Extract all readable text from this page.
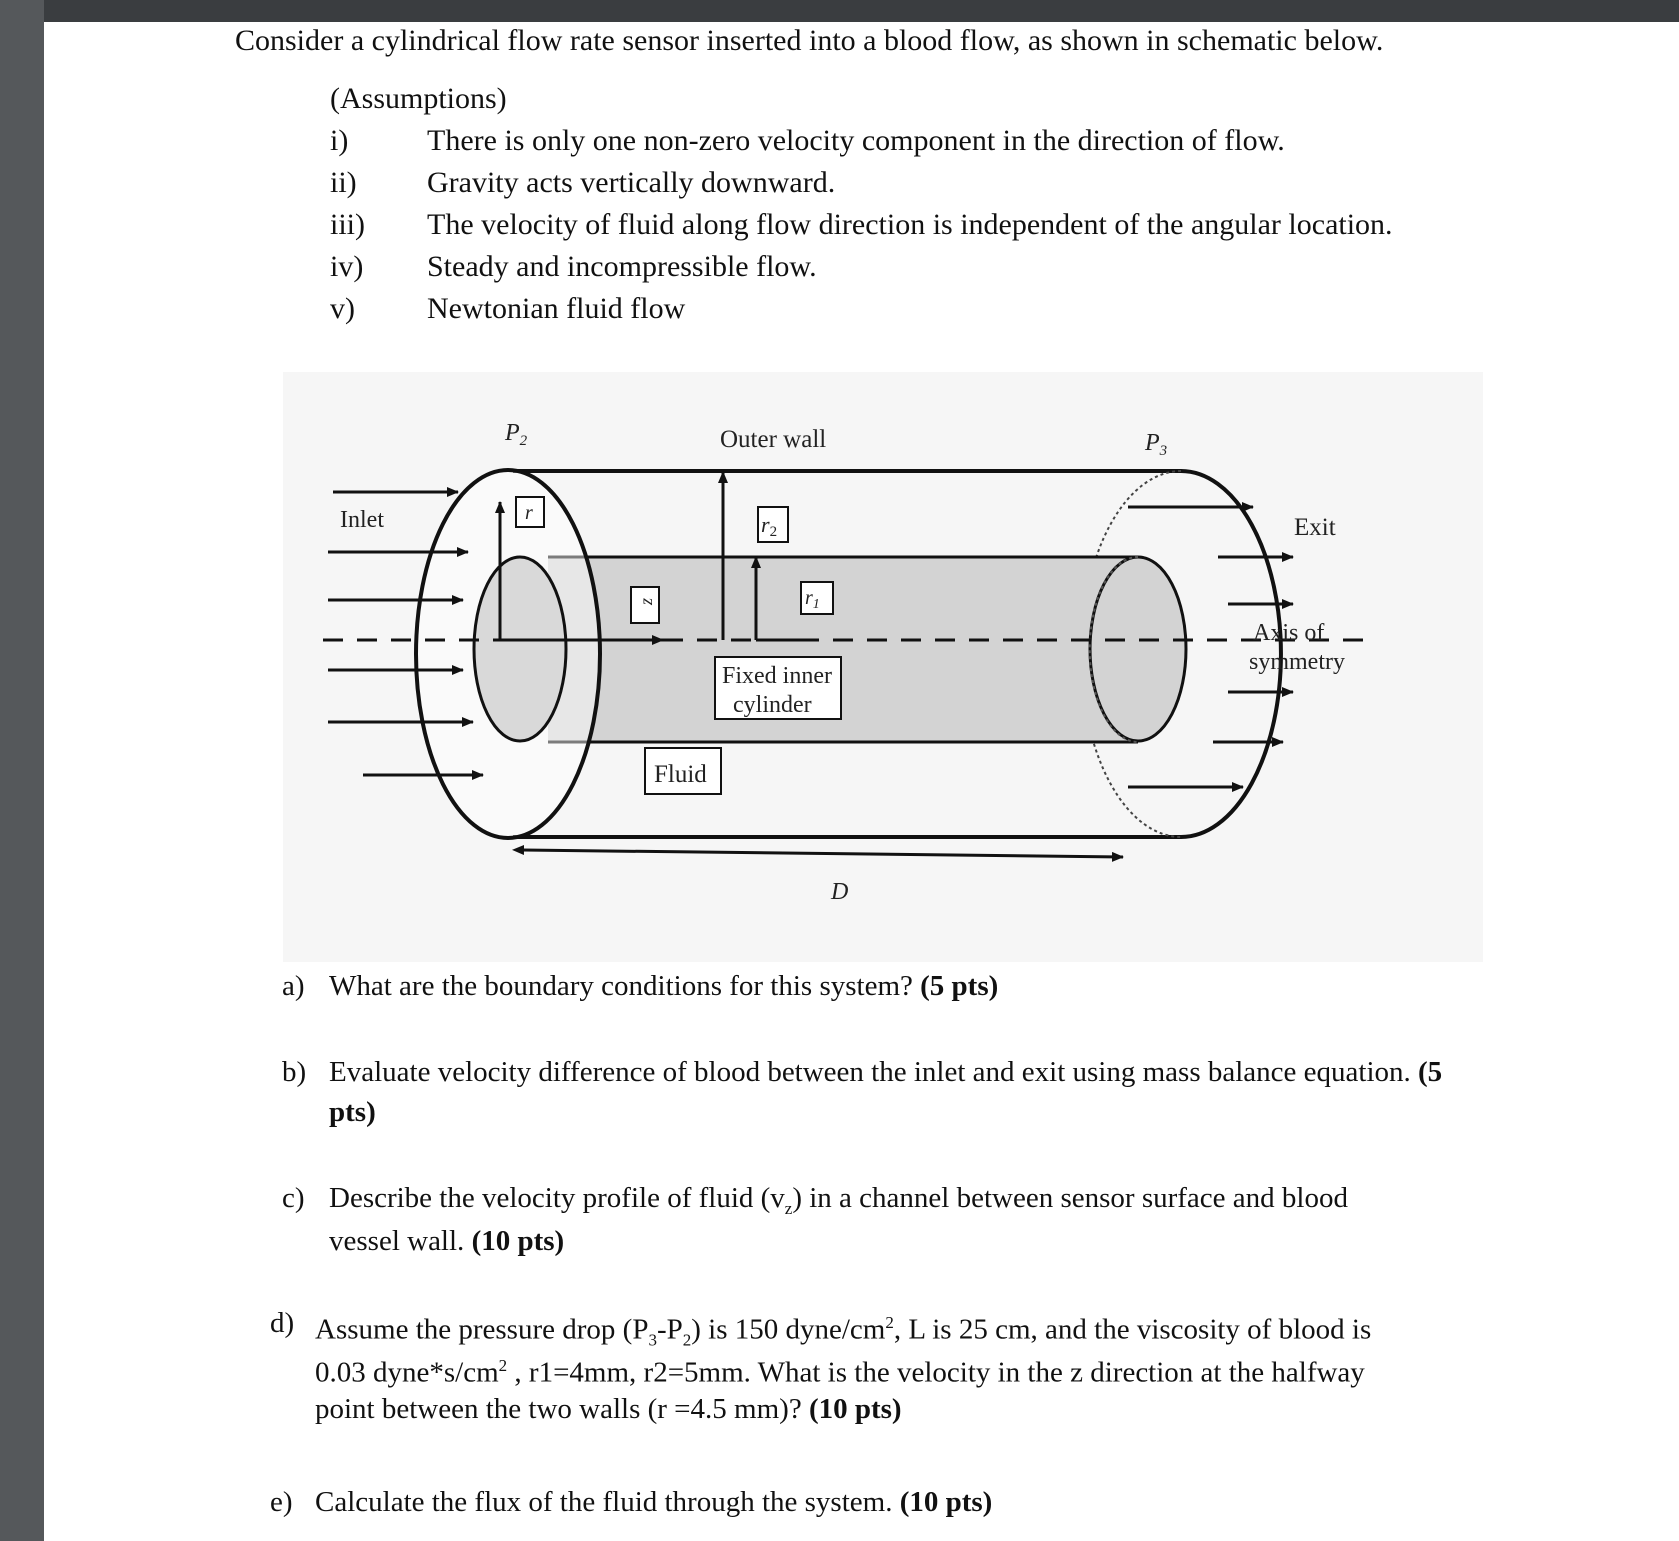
Consider a cylindrical flow rate sensor inserted into a blood flow, as shown in schematic below.
(Assumptions)
i)	There is only one non-zero velocity component in the direction of flow.
ii) Gravity acts vertically downward.
iii) The velocity of fluid along flow direction is independent of the angular location.
iv) Steady and incompressible flow.
v) Newtonian fluid flow
$P_2$	Outer wall	$P_3$
Inlet	Exit
r	r2
$r_1$
z
Axis of
symmetry
Fixed inner
cylinder
Fluid
D
a) What are the boundary conditions for this system? (5 pts)
b) Evaluate velocity difference of blood between the inlet and exit using mass balance equation. (5
pts)
c) Describe the velocity profile of fluid $(v_z)$ in a channel between sensor surface and blood
vessel wall. (10 pts)
d) Assume the pressure drop $(P_3-P_2)$ is 150 dyne/$cm^2$, L is 25 cm, and the viscosity of blood is
0.03 $dyne*s/cm^2$ , r1=4mm, r2=5mm. What is the velocity in the z direction at the halfway
point between the two walls (r =4.5 mm)? (10 pts)
e) Calculate the flux of the fluid through the system. (10 pts)
